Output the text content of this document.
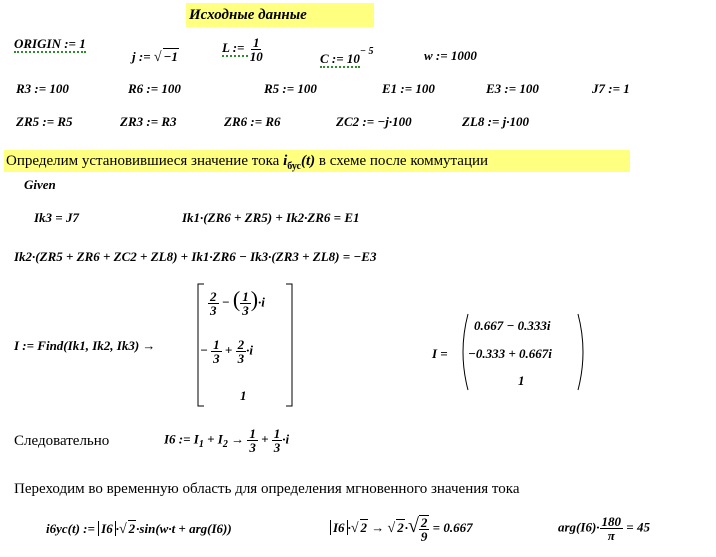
Исходные данные
ORIGIN := 1
j := √ −1
L := $\frac{1}{10}$	C := $10^{- 5}$	w := 1000
R3 := 100	R6 := 100	R5 := 100	E1 := 100	E3 := 100	J7 := 1
ZR5 := R5	ZR3 := R3	ZR6 := R6	ZC2 := −j·100	ZL8 := j·100
Определим установившиеся значение тока $i_{бус}(t)$ в схеме после коммутации
Given
Ik3 = J7	Ik1·(ZR6 + ZR5) + Ik2·ZR6 = E1
Ik2·(ZR5 + ZR6 + ZC2 + ZL8) + Ik1·ZR6 − Ik3·(ZR3 + ZL8) = −E3
I := Find(Ik1, Ik2, Ik3) →
$\frac{2}{3}$ − ( $\frac{1}{3} )\cdot i$
− $\frac{1}{3} + \frac{2}{3} \cdot i$
1
I =
0.667 − 0.333i
−0.333 + 0.667i
1
Следовательно	I6 := $I_1 + I_2 \to \frac{1}{3} + \frac{1}{3} \cdot i$
Переходим во временную область для определения мгновенного значения тока
i6ус(t) := I6 ·√ 2·sin(w·t + arg(I6))	I6 ·√ 2 → √ $2\cdot√ \frac{2}{9} = 0.667$	$arg(I6)\cdot \frac{180}{\pi} = 45$
